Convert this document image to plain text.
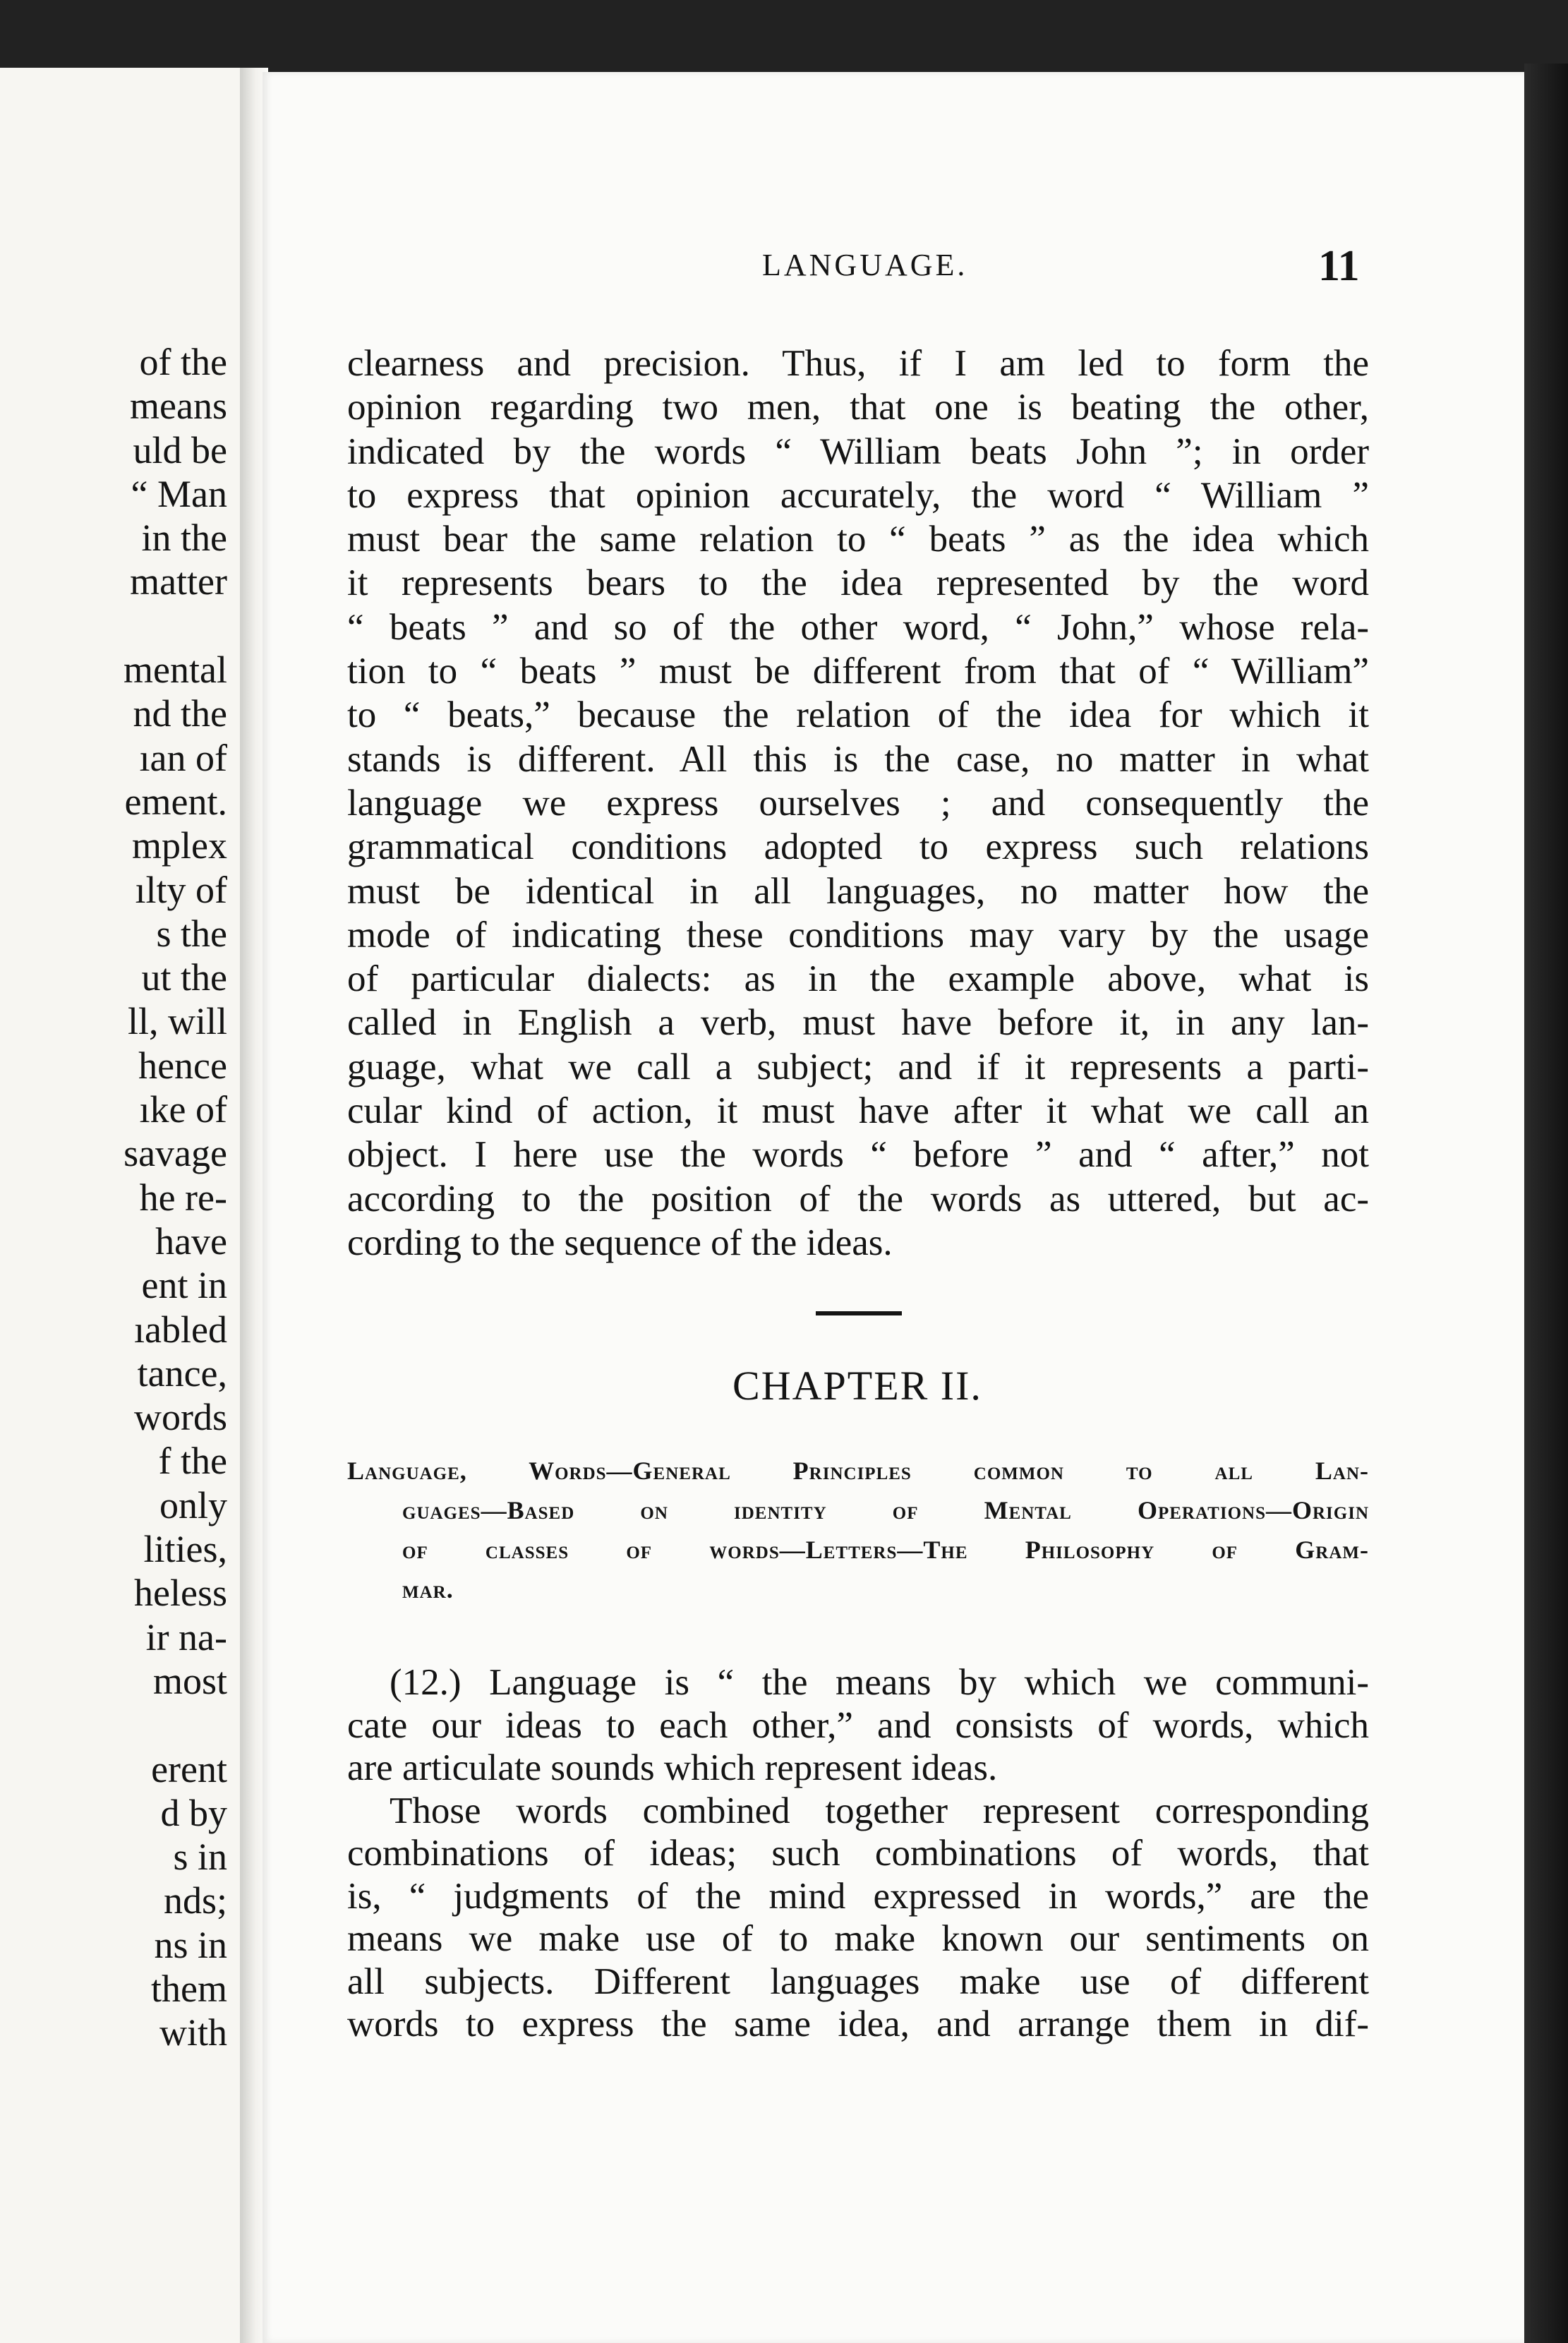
of the
means
uld be
“ Man
in the
matter

mental
nd the
ıan of
ement.
mplex
ılty of
s the
ut the
ll, will
hence
ıke of
savage
he re-
have
ent in
ıabled
tance,
words
f the
only
lities,
heless
ir na-
most

erent
d by
s in
nds;
ns in
them
with
LANGUAGE.	11
clearness and precision. Thus, if I am led to form the
opinion regarding two men, that one is beating the other,
indicated by the words “ William beats John ”; in order
to express that opinion accurately, the word “ William ”
must bear the same relation to “ beats ” as the idea which
it represents bears to the idea represented by the word
“ beats ” and so of the other word, “ John,” whose rela-
tion to “ beats ” must be different from that of “ William”
to “ beats,” because the relation of the idea for which it
stands is different. All this is the case, no matter in what
language we express ourselves ; and consequently the
grammatical conditions adopted to express such relations
must be identical in all languages, no matter how the
mode of indicating these conditions may vary by the usage
of particular dialects: as in the example above, what is
called in English a verb, must have before it, in any lan-
guage, what we call a subject; and if it represents a parti-
cular kind of action, it must have after it what we call an
object. I here use the words “ before ” and “ after,” not
according to the position of the words as uttered, but ac-
cording to the sequence of the ideas.
CHAPTER II.
Language, Words—General Principles common to all Lan-
guages—Based on identity of Mental Operations—Origin
of classes of words—Letters—The Philosophy of Gram-
mar.
(12.) Language is “ the means by which we communi-
cate our ideas to each other,” and consists of words, which
are articulate sounds which represent ideas.
Those words combined together represent corresponding
combinations of ideas; such combinations of words, that
is, “ judgments of the mind expressed in words,” are the
means we make use of to make known our sentiments on
all subjects. Different languages make use of different
words to express the same idea, and arrange them in dif-
